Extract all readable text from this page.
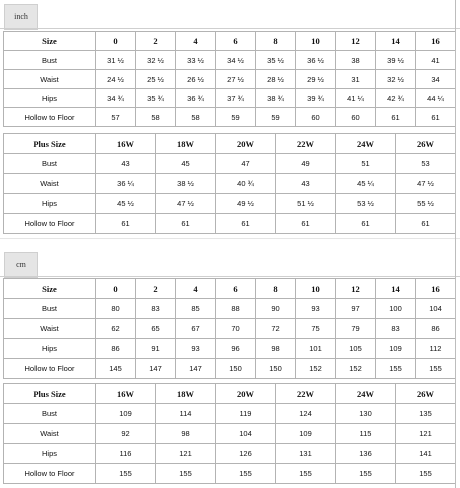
inch
Size	0	2	4	6	8	10	12	14	16
Bust	31 ½	32 ½	33 ½	34 ½	35 ½	36 ½	38	39 ½	41
Waist	24 ½	25 ½	26 ½	27 ½	28 ½	29 ½	31	32 ½	34
Hips	34 ¾	35 ¾	36 ¾	37 ¾	38 ¾	39 ¾	41 ¼	42 ¾	44 ¼
Hollow to Floor	57	58	58	59	59	60	60	61	61
Plus Size	16W	18W	20W	22W	24W	26W
Bust	43	45	47	49	51	53
Waist	36 ¼	38 ½	40 ¾	43	45 ¼	47 ½
Hips	45 ½	47 ½	49 ½	51 ½	53 ½	55 ½
Hollow to Floor	61	61	61	61	61	61
cm
Size	0	2	4	6	8	10	12	14	16
Bust	80	83	85	88	90	93	97	100	104
Waist	62	65	67	70	72	75	79	83	86
Hips	86	91	93	96	98	101	105	109	112
Hollow to Floor	145	147	147	150	150	152	152	155	155
Plus Size	16W	18W	20W	22W	24W	26W
Bust	109	114	119	124	130	135
Waist	92	98	104	109	115	121
Hips	116	121	126	131	136	141
Hollow to Floor	155	155	155	155	155	155
